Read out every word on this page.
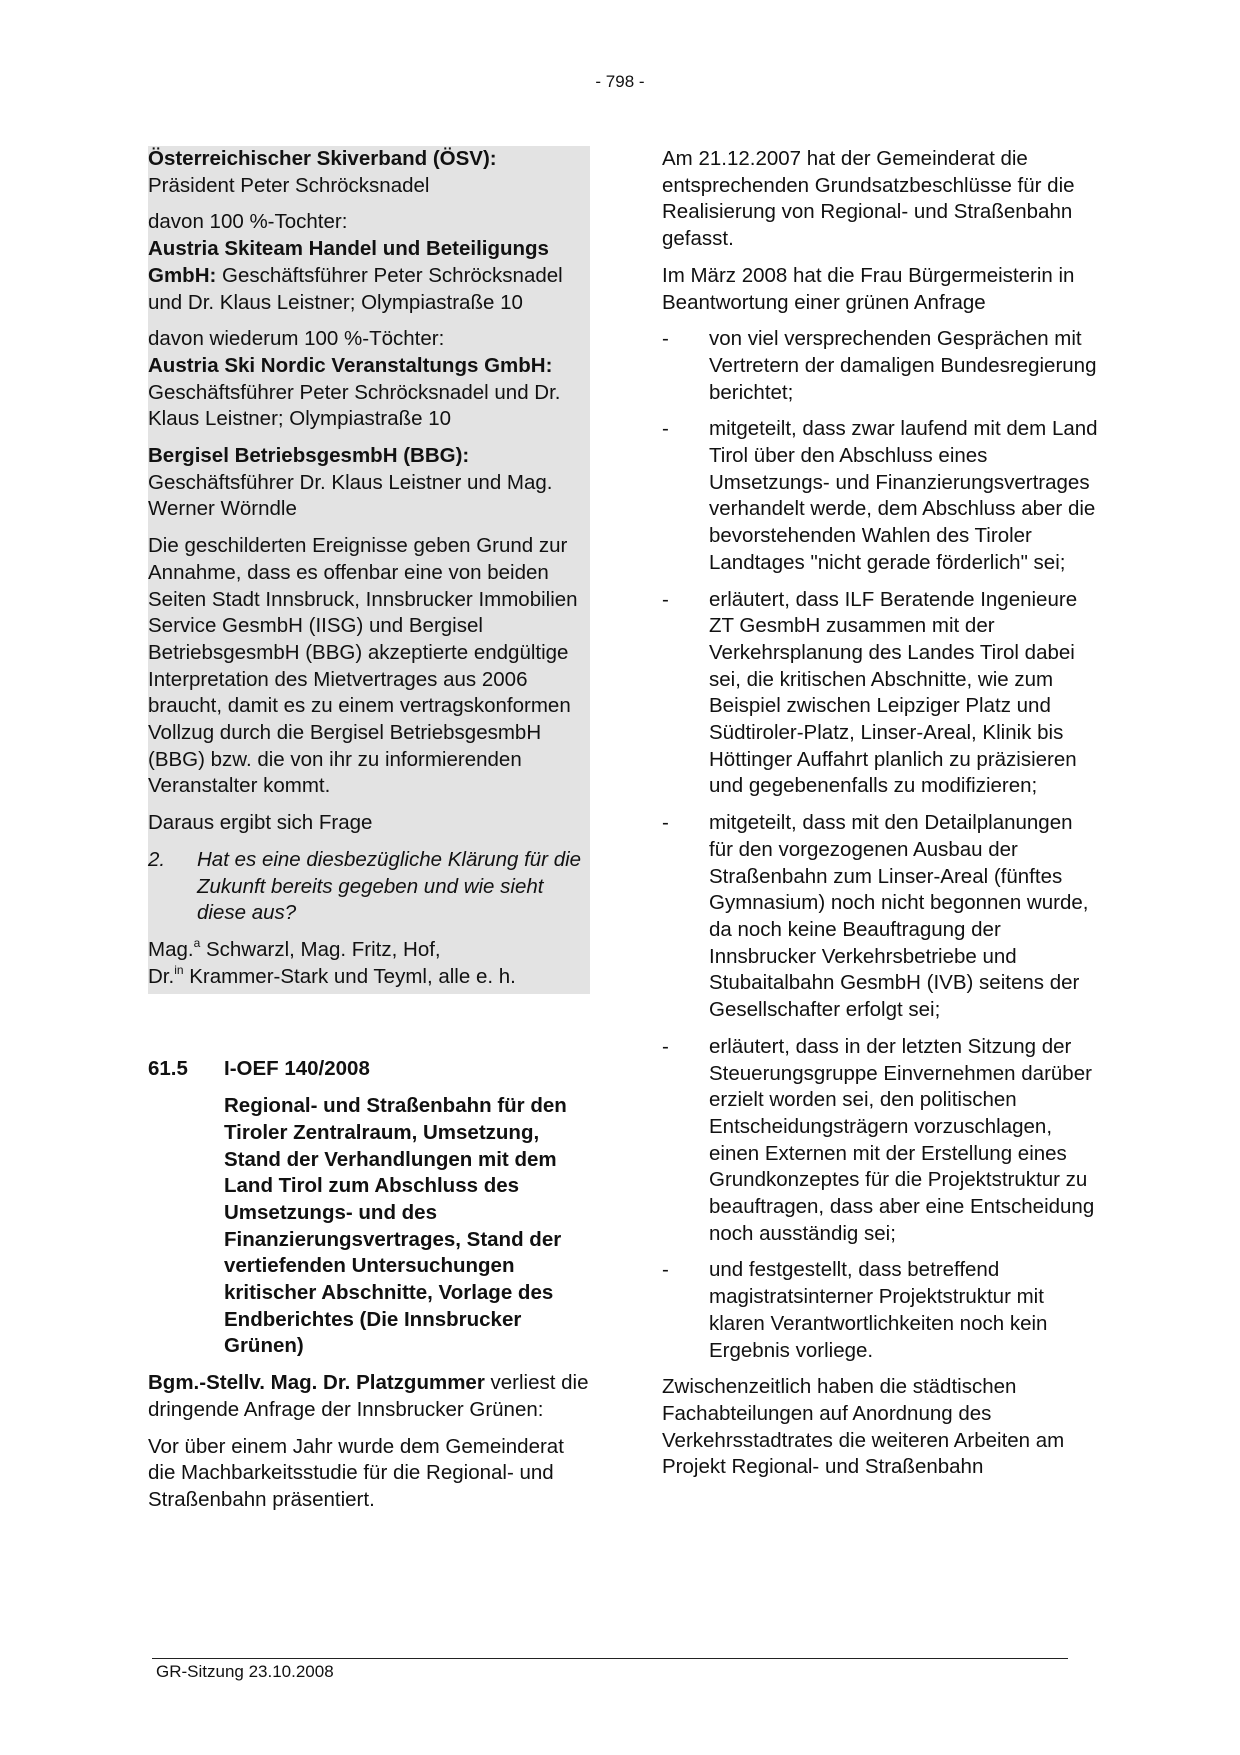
- 798 -

Österreichischer Skiverband (ÖSV):
Präsident Peter Schröcksnadel

davon 100 %-Tochter:
Austria Skiteam Handel und Beteiligungs GmbH: Geschäftsführer Peter Schröcksnadel und Dr. Klaus Leistner; Olympiastraße 10

davon wiederum 100 %-Töchter:
Austria Ski Nordic Veranstaltungs GmbH: Geschäftsführer Peter Schröcksnadel und Dr. Klaus Leistner; Olympiastraße 10

Bergisel BetriebsgesmbH (BBG):
Geschäftsführer Dr. Klaus Leistner und Mag. Werner Wörndle

Die geschilderten Ereignisse geben Grund zur Annahme, dass es offenbar eine von beiden Seiten Stadt Innsbruck, Innsbrucker Immobilien Service GesmbH (IISG) und Bergisel BetriebsgesmbH (BBG) akzeptierte endgültige Interpretation des Mietvertrages aus 2006 braucht, damit es zu einem vertragskonformen Vollzug durch die Bergisel BetriebsgesmbH (BBG) bzw. die von ihr zu informierenden Veranstalter kommt.

Daraus ergibt sich Frage

2.	Hat es eine diesbezügliche Klärung für die Zukunft bereits gegeben und wie sieht diese aus?

Mag.$^a$ Schwarzl, Mag. Fritz, Hof,
Dr.$^{in}$ Krammer-Stark und Teyml, alle e. h.

61.5	I-OEF 140/2008
Regional- und Straßenbahn für den Tiroler Zentralraum, Umsetzung, Stand der Verhandlungen mit dem Land Tirol zum Abschluss des Umsetzungs- und des Finanzierungsvertrages, Stand der vertiefenden Untersuchungen kritischer Abschnitte, Vorlage des Endberichtes (Die Innsbrucker Grünen)

Bgm.-Stellv. Mag. Dr. Platzgummer verliest die dringende Anfrage der Innsbrucker Grünen:

Vor über einem Jahr wurde dem Gemeinderat die Machbarkeitsstudie für die Regional- und Straßenbahn präsentiert.

Am 21.12.2007 hat der Gemeinderat die entsprechenden Grundsatzbeschlüsse für die Realisierung von Regional- und Straßenbahn gefasst.

Im März 2008 hat die Frau Bürgermeisterin in Beantwortung einer grünen Anfrage

-	von viel versprechenden Gesprächen mit Vertretern der damaligen Bundesregierung berichtet;
-	mitgeteilt, dass zwar laufend mit dem Land Tirol über den Abschluss eines Umsetzungs- und Finanzierungsvertrages verhandelt werde, dem Abschluss aber die bevorstehenden Wahlen des Tiroler Landtages "nicht gerade förderlich" sei;
-	erläutert, dass ILF Beratende Ingenieure ZT GesmbH zusammen mit der Verkehrsplanung des Landes Tirol dabei sei, die kritischen Abschnitte, wie zum Beispiel zwischen Leipziger Platz und Südtiroler-Platz, Linser-Areal, Klinik bis Höttinger Auffahrt planlich zu präzisieren und gegebenenfalls zu modifizieren;
-	mitgeteilt, dass mit den Detailplanungen für den vorgezogenen Ausbau der Straßenbahn zum Linser-Areal (fünftes Gymnasium) noch nicht begonnen wurde, da noch keine Beauftragung der Innsbrucker Verkehrsbetriebe und Stubaitalbahn GesmbH (IVB) seitens der Gesellschafter erfolgt sei;
-	erläutert, dass in der letzten Sitzung der Steuerungsgruppe Einvernehmen darüber erzielt worden sei, den politischen Entscheidungsträgern vorzuschlagen, einen Externen mit der Erstellung eines Grundkonzeptes für die Projektstruktur zu beauftragen, dass aber eine Entscheidung noch ausständig sei;
-	und festgestellt, dass betreffend magistratsinterner Projektstruktur mit klaren Verantwortlichkeiten noch kein Ergebnis vorliege.

Zwischenzeitlich haben die städtischen Fachabteilungen auf Anordnung des Verkehrsstadtrates die weiteren Arbeiten am Projekt Regional- und Straßenbahn

GR-Sitzung 23.10.2008
